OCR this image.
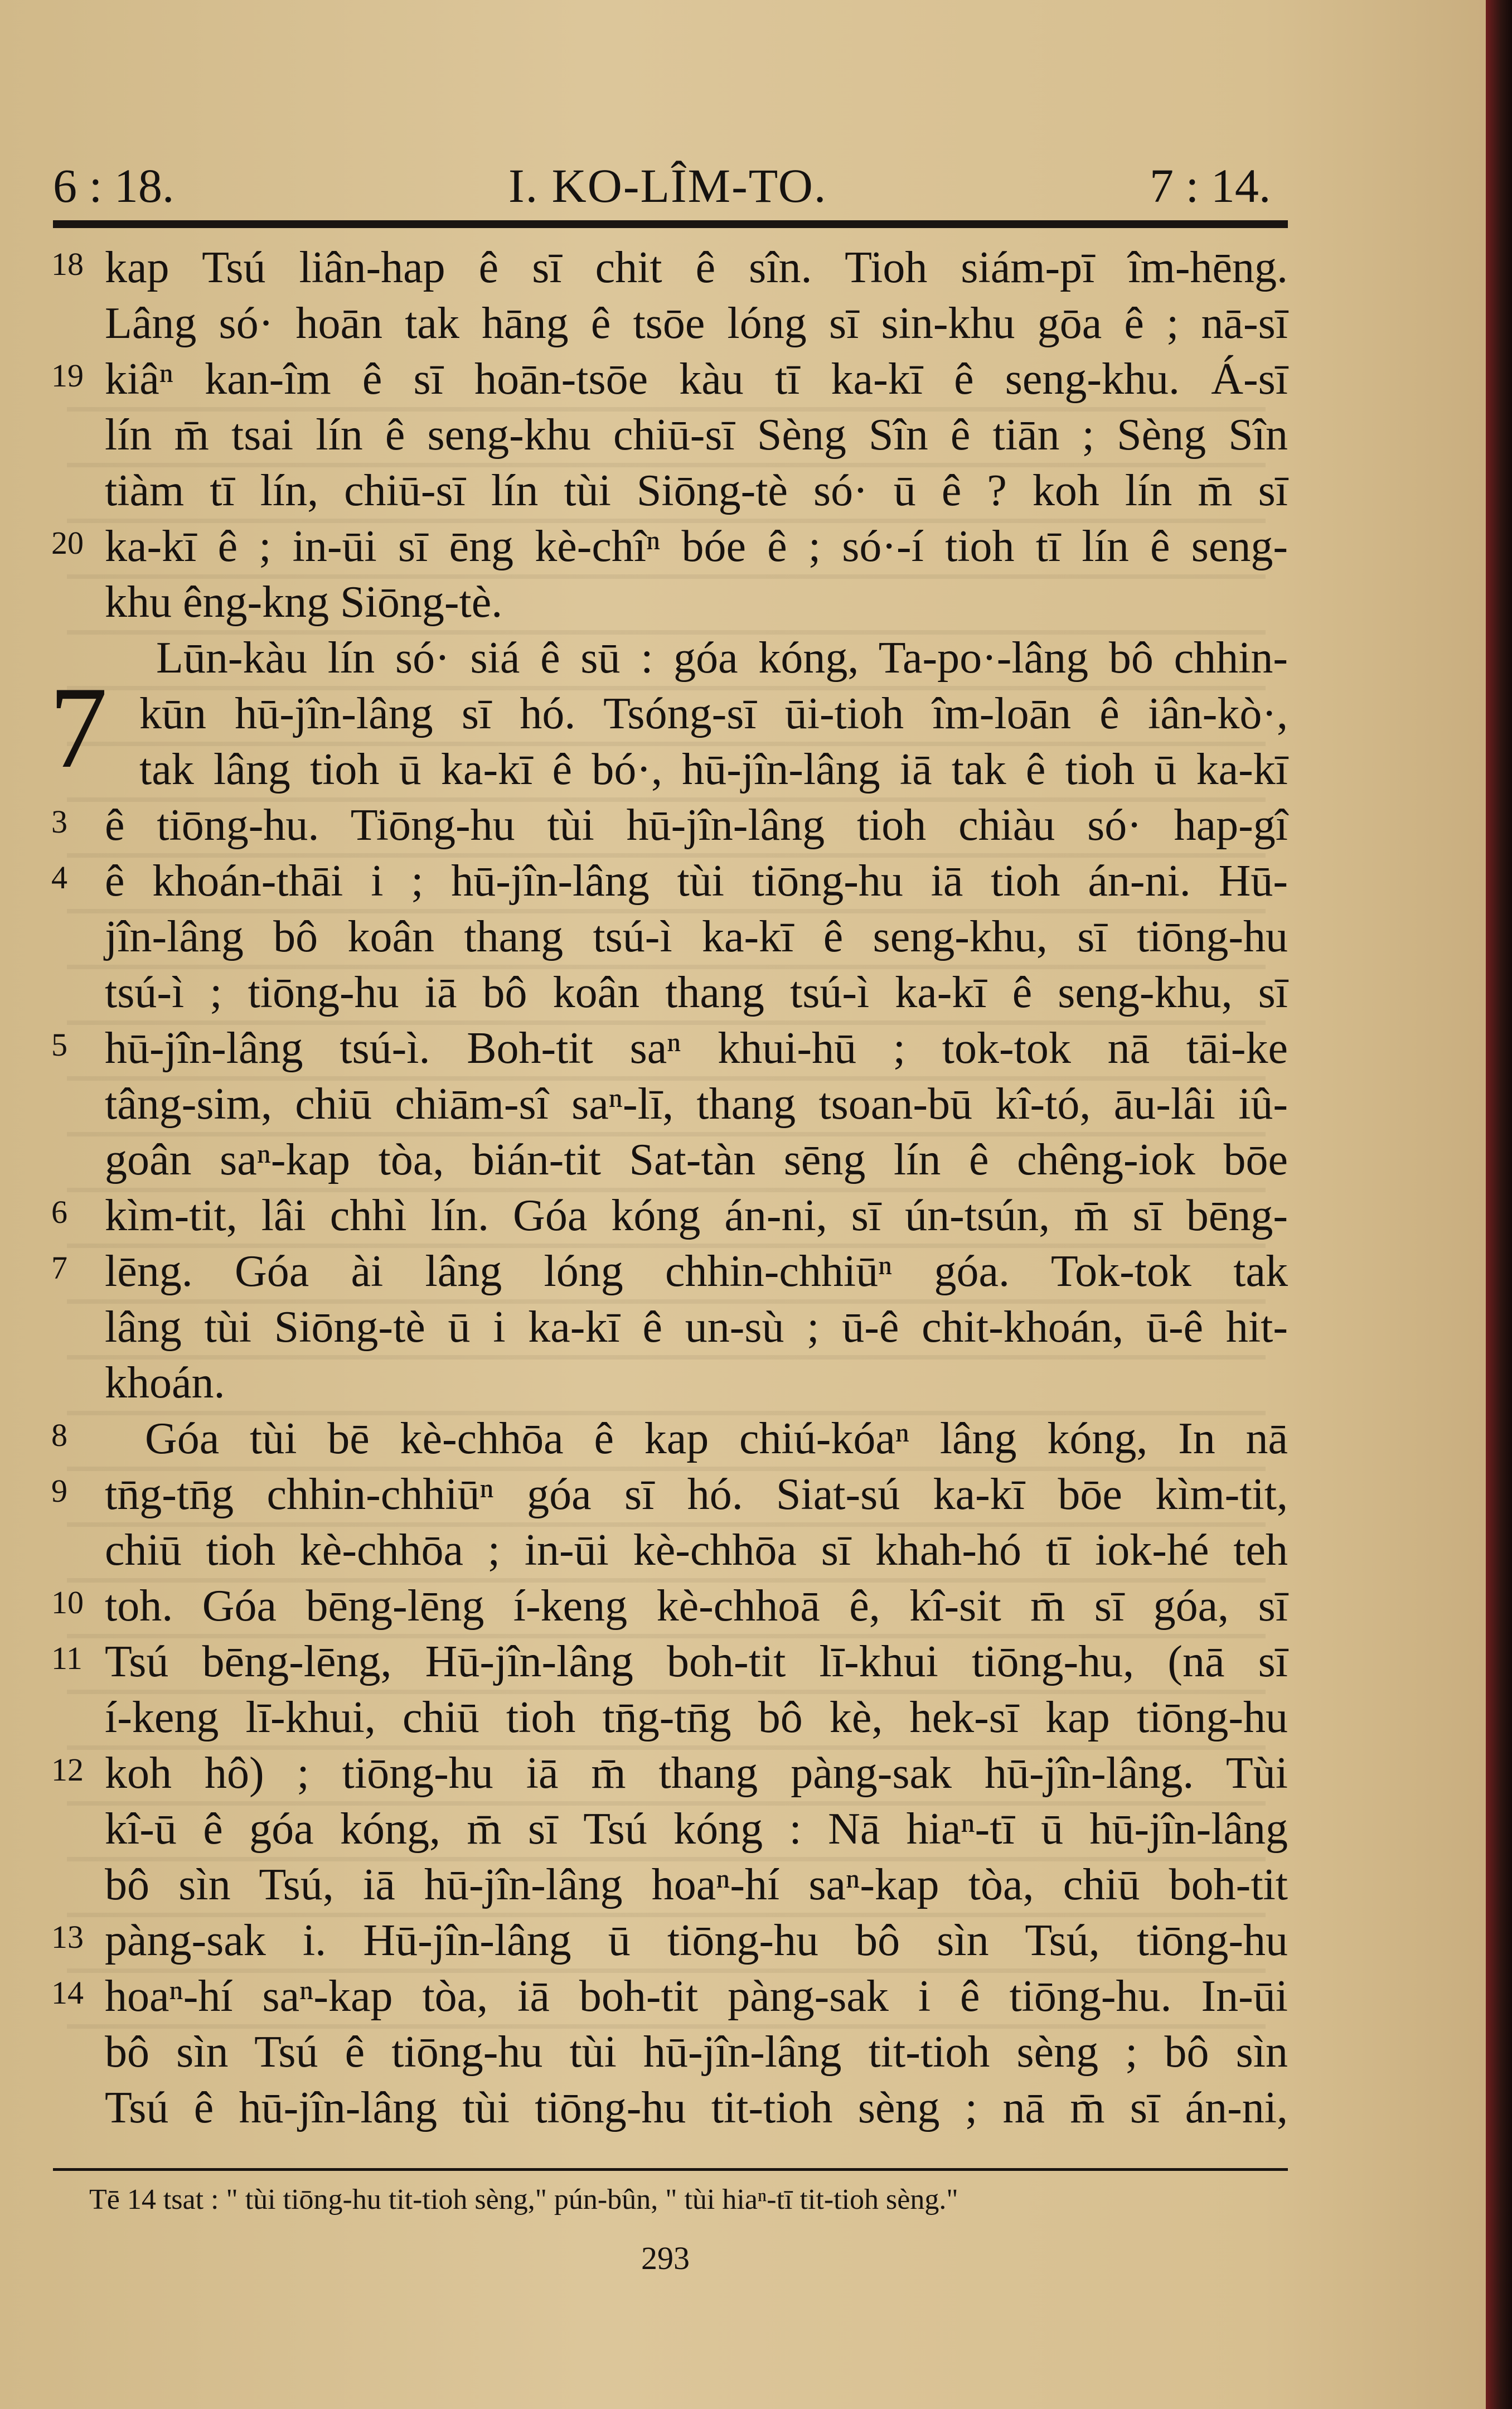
6 : 18.	I. KO-LÎM-TO.	7 : 14.
7
18 kap Tsú liân-hap ê sī chit ê sîn. Tioh siám-pī îm-hēng.
Lâng só· hoān tak hāng ê tsōe lóng sī sin-khu gōa ê ; nā-sī
19 kiâⁿ kan-îm ê sī hoān-tsōe kàu tī ka-kī ê seng-khu. Á-sī
lín m̄ tsai lín ê seng-khu chiū-sī Sèng Sîn ê tiān ; Sèng Sîn
tiàm tī lín, chiū-sī lín tùi Siōng-tè só· ū ê ? koh lín m̄ sī
20 ka-kī ê ; in-ūi sī ēng kè-chîⁿ bóe ê ; só·-í tioh tī lín ê seng-
khu êng-kng Siōng-tè.
Lūn-kàu lín só· siá ê sū : góa kóng, Ta-po·-lâng bô chhin-
kūn hū-jîn-lâng sī hó. Tsóng-sī ūi-tioh îm-loān ê iân-kò·,
tak lâng tioh ū ka-kī ê bó·, hū-jîn-lâng iā tak ê tioh ū ka-kī
3 ê tiōng-hu. Tiōng-hu tùi hū-jîn-lâng tioh chiàu só· hap-gî
4 ê khoán-thāi i ; hū-jîn-lâng tùi tiōng-hu iā tioh án-ni. Hū-
jîn-lâng bô koân thang tsú-ì ka-kī ê seng-khu, sī tiōng-hu
tsú-ì ; tiōng-hu iā bô koân thang tsú-ì ka-kī ê seng-khu, sī
5 hū-jîn-lâng tsú-ì. Boh-tit saⁿ khui-hū ; tok-tok nā tāi-ke
tâng-sim, chiū chiām-sî saⁿ-lī, thang tsoan-bū kî-tó, āu-lâi iû-
goân saⁿ-kap tòa, bián-tit Sat-tàn sēng lín ê chêng-iok bōe
6 kìm-tit, lâi chhì lín. Góa kóng án-ni, sī ún-tsún, m̄ sī bēng-
7 lēng. Góa ài lâng lóng chhin-chhiūⁿ góa. Tok-tok tak
lâng tùi Siōng-tè ū i ka-kī ê un-sù ; ū-ê chit-khoán, ū-ê hit-
khoán.
8	Góa tùi bē kè-chhōa ê kap chiú-kóaⁿ lâng kóng, In nā
9 tn̄g-tn̄g chhin-chhiūⁿ góa sī hó. Siat-sú ka-kī bōe kìm-tit,
chiū tioh kè-chhōa ; in-ūi kè-chhōa sī khah-hó tī iok-hé teh
10 toh. Góa bēng-lēng í-keng kè-chhoā ê, kî-sit m̄ sī góa, sī
11 Tsú bēng-lēng, Hū-jîn-lâng boh-tit lī-khui tiōng-hu, (nā sī
í-keng lī-khui, chiū tioh tn̄g-tn̄g bô kè, hek-sī kap tiōng-hu
12 koh hô) ; tiōng-hu iā m̄ thang pàng-sak hū-jîn-lâng. Tùi
kî-ū ê góa kóng, m̄ sī Tsú kóng : Nā hiaⁿ-tī ū hū-jîn-lâng
bô sìn Tsú, iā hū-jîn-lâng hoaⁿ-hí saⁿ-kap tòa, chiū boh-tit
13 pàng-sak i. Hū-jîn-lâng ū tiōng-hu bô sìn Tsú, tiōng-hu
14 hoaⁿ-hí saⁿ-kap tòa, iā boh-tit pàng-sak i ê tiōng-hu. In-ūi
bô sìn Tsú ê tiōng-hu tùi hū-jîn-lâng tit-tioh sèng ; bô sìn
Tsú ê hū-jîn-lâng tùi tiōng-hu tit-tioh sèng ; nā m̄ sī án-ni,
Tē 14 tsat : " tùi tiōng-hu tit-tioh sèng," pún-bûn, " tùi hiaⁿ-tī tit-tioh sèng."
293
